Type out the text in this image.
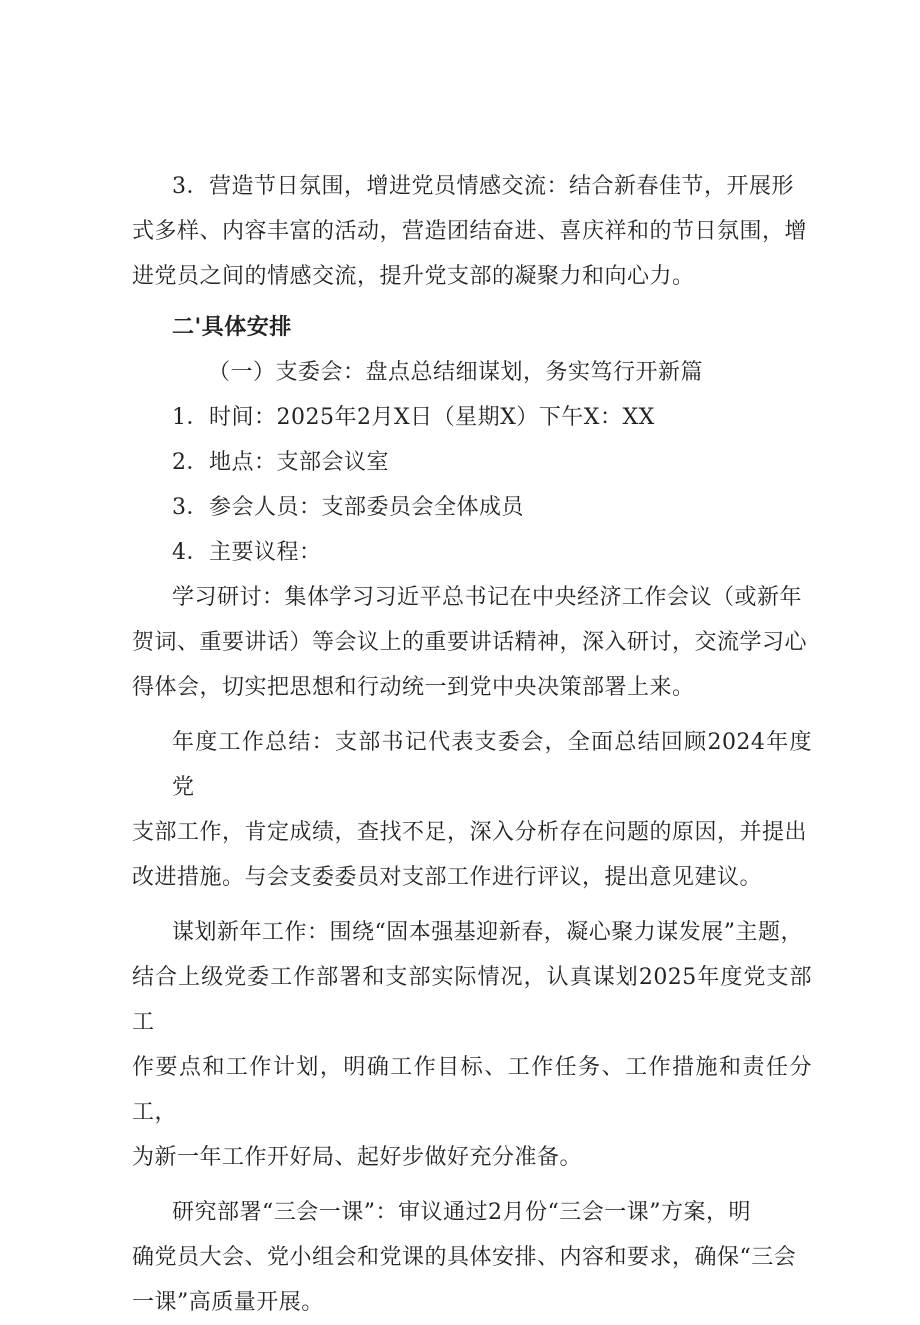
3．营造节日氛围，增进党员情感交流：结合新春佳节，开展形
式多样、内容丰富的活动，营造团结奋进、喜庆祥和的节日氛围，增
进党员之间的情感交流，提升党支部的凝聚力和向心力。

二'具体安排

（一）支委会：盘点总结细谋划，务实笃行开新篇

1．时间：2025年2月X日（星期X）下午X：XX

2．地点：支部会议室

3．参会人员：支部委员会全体成员

4．主要议程：

学习研讨：集体学习习近平总书记在中央经济工作会议（或新年
贺词、重要讲话）等会议上的重要讲话精神，深入研讨，交流学习心
得体会，切实把思想和行动统一到党中央决策部署上来。

年度工作总结：支部书记代表支委会，全面总结回顾2024年度党
支部工作，肯定成绩，查找不足，深入分析存在问题的原因，并提出
改进措施。与会支委委员对支部工作进行评议，提出意见建议。

谋划新年工作：围绕“固本强基迎新春，凝心聚力谋发展”主题，
结合上级党委工作部署和支部实际情况，认真谋划2025年度党支部工
作要点和工作计划，明确工作目标、工作任务、工作措施和责任分工，
为新一年工作开好局、起好步做好充分准备。

研究部署“三会一课”：审议通过2月份“三会一课”方案，明
确党员大会、党小组会和党课的具体安排、内容和要求，确保“三会
一课”高质量开展。
